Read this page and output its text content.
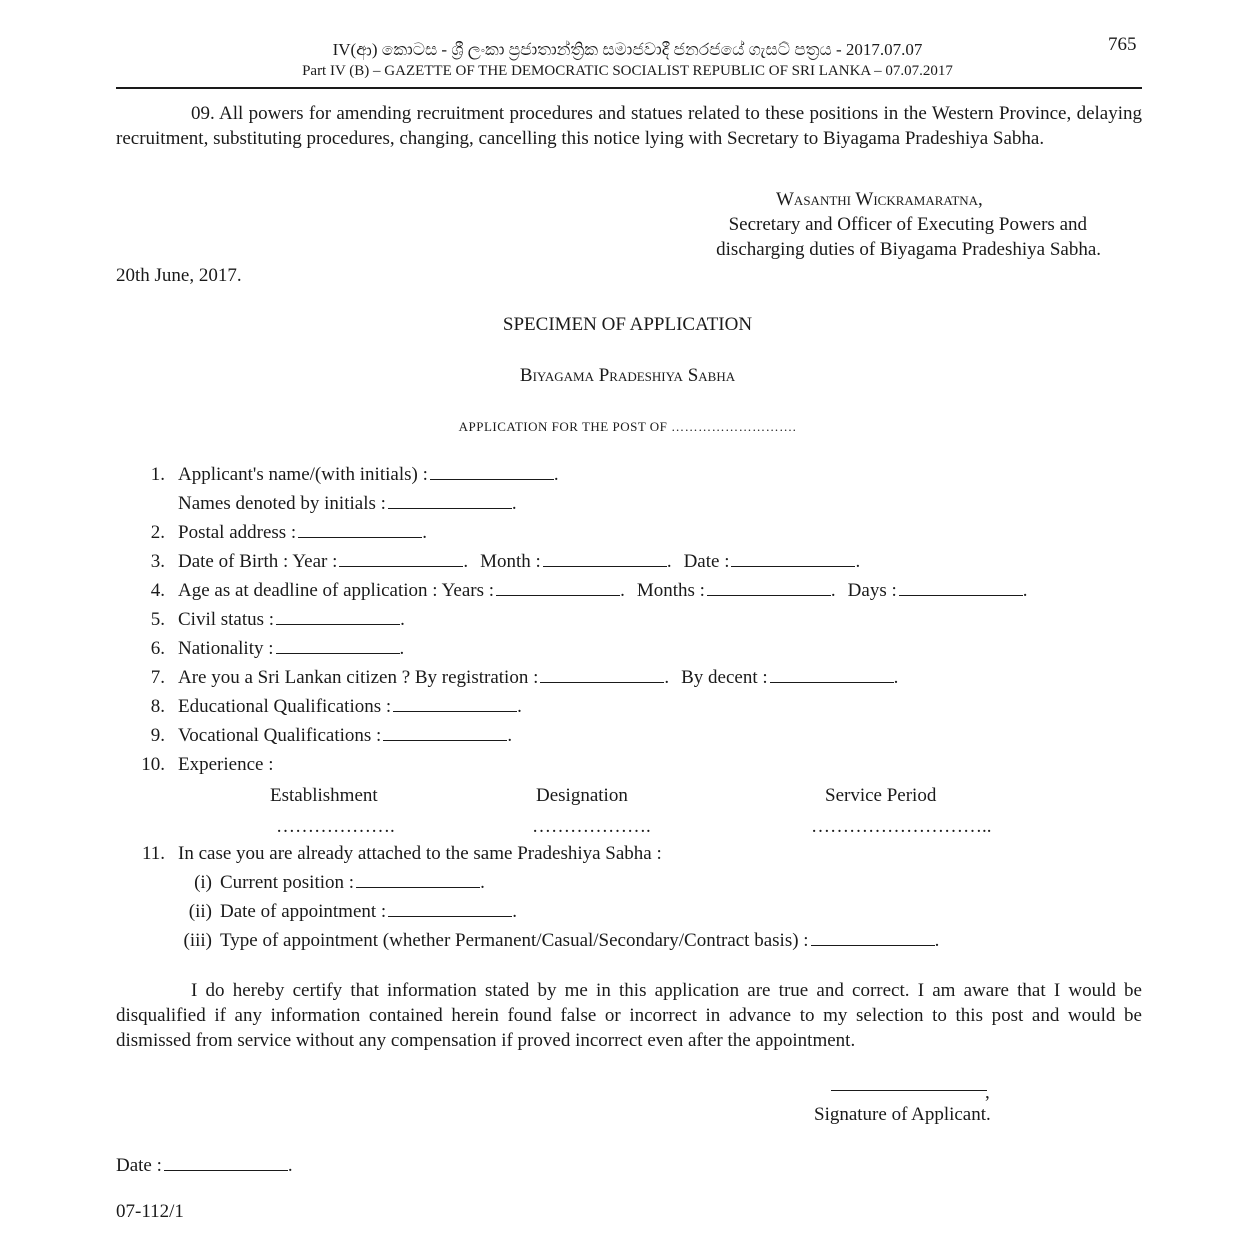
IV(ආ) කොටස - ශ්‍රී ලංකා ප්‍රජාතාන්ත්‍රික සමාජවාදී ජනරජයේ ගැසට් පත්‍රය - 2017.07.07
Part IV (B) – GAZETTE OF THE DEMOCRATIC SOCIALIST REPUBLIC OF SRI LANKA – 07.07.2017
765
09. All powers for amending recruitment procedures and statues related to these positions in the Western Province, delaying recruitment, substituting procedures, changing, cancelling this notice lying with Secretary to Biyagama Pradeshiya Sabha.
Wasanthi Wickramaratna,
Secretary and Officer of Executing Powers and
discharging duties of Biyagama Pradeshiya Sabha.
20th June, 2017.
SPECIMEN OF APPLICATION
Biyagama Pradeshiya Sabha
APPLICATION FOR THE POST OF ……………………….
1. Applicant's name/(with initials) :	.
Names denoted by initials :	.
2. Postal address :	.
3. Date of Birth : Year :	. Month :	. Date :	.
4. Age as at deadline of application : Years :	. Months :	. Days :	.
5. Civil status :	.
6. Nationality :	.
7. Are you a Sri Lankan citizen ? By registration :	. By decent :	.
8. Educational Qualifications :	.
9. Vocational Qualifications :	.
10. Experience :
Establishment	Designation	Service Period
……………….	……………….	………………………..
11. In case you are already attached to the same Pradeshiya Sabha :
(i) Current position :	.
(ii) Date of appointment :	.
(iii) Type of appointment (whether Permanent/Casual/Secondary/Contract basis) :	.
I do hereby certify that information stated by me in this application are true and correct. I am aware that I would be disqualified if any information contained herein found false or incorrect in advance to my selection to this post and would be dismissed from service without any compensation if proved incorrect even after the appointment.
,
Signature of Applicant.
Date :	.
07-112/1
